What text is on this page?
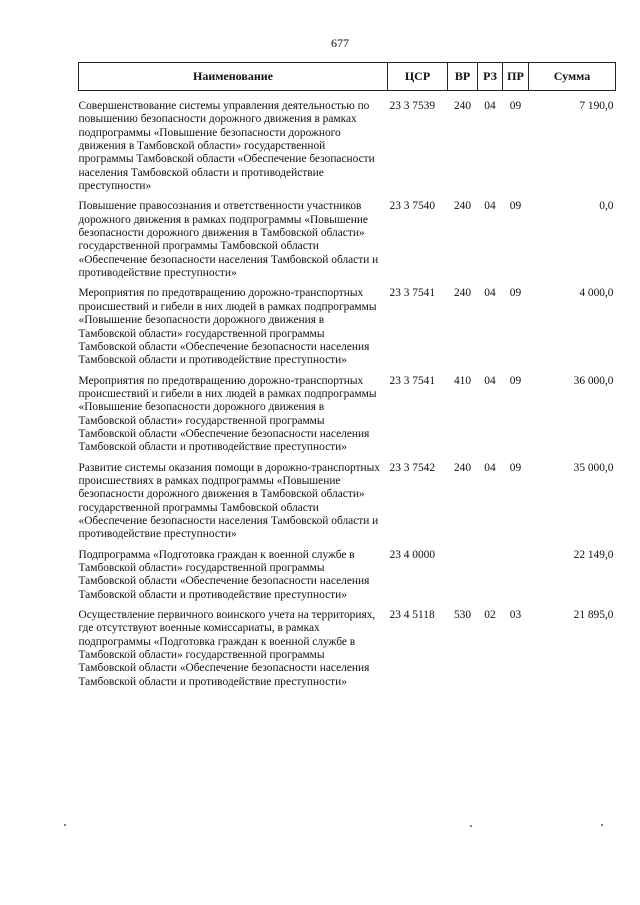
677
Наименование	ЦСР	ВР	РЗ	ПР	Сумма
Совершенствование системы управления деятельностью по повышению безопасности дорожного движения в рамках подпрограммы «Повышение безопасности дорожного движения в Тамбовской области» государственной программы Тамбовской области «Обеспечение безопасности населения Тамбовской области и противодействие преступности»	23 3 7539	240	04	09	7 190,0
Повышение правосознания и ответственности участников дорожного движения в рамках подпрограммы «Повышение безопасности дорожного движения в Тамбовской области» государственной программы Тамбовской области «Обеспечение безопасности населения Тамбовской области и противодействие преступности»	23 3 7540	240	04	09	0,0
Мероприятия по предотвращению дорожно-транспортных происшествий и гибели в них людей в рамках подпрограммы «Повышение безопасности дорожного движения в Тамбовской области» государственной программы Тамбовской области «Обеспечение безопасности населения Тамбовской области и противодействие преступности»	23 3 7541	240	04	09	4 000,0
Мероприятия по предотвращению дорожно-транспортных происшествий и гибели в них людей в рамках подпрограммы «Повышение безопасности дорожного движения в Тамбовской области» государственной программы Тамбовской области «Обеспечение безопасности населения Тамбовской области и противодействие преступности»	23 3 7541	410	04	09	36 000,0
Развитие системы оказания помощи в дорожно-транспортных происшествиях в рамках подпрограммы «Повышение безопасности дорожного движения в Тамбовской области» государственной программы Тамбовской области «Обеспечение безопасности населения Тамбовской области и противодействие преступности»	23 3 7542	240	04	09	35 000,0
Подпрограмма «Подготовка граждан к военной службе в Тамбовской области» государственной программы Тамбовской области «Обеспечение безопасности населения Тамбовской области и противодействие преступности»	23 4 0000				22 149,0
Осуществление первичного воинского учета на территориях, где отсутствуют военные комиссариаты, в рамках подпрограммы «Подготовка граждан к военной службе в Тамбовской области» государственной программы Тамбовской области «Обеспечение безопасности населения Тамбовской области и противодействие преступности»	23 4 5118	530	02	03	21 895,0
